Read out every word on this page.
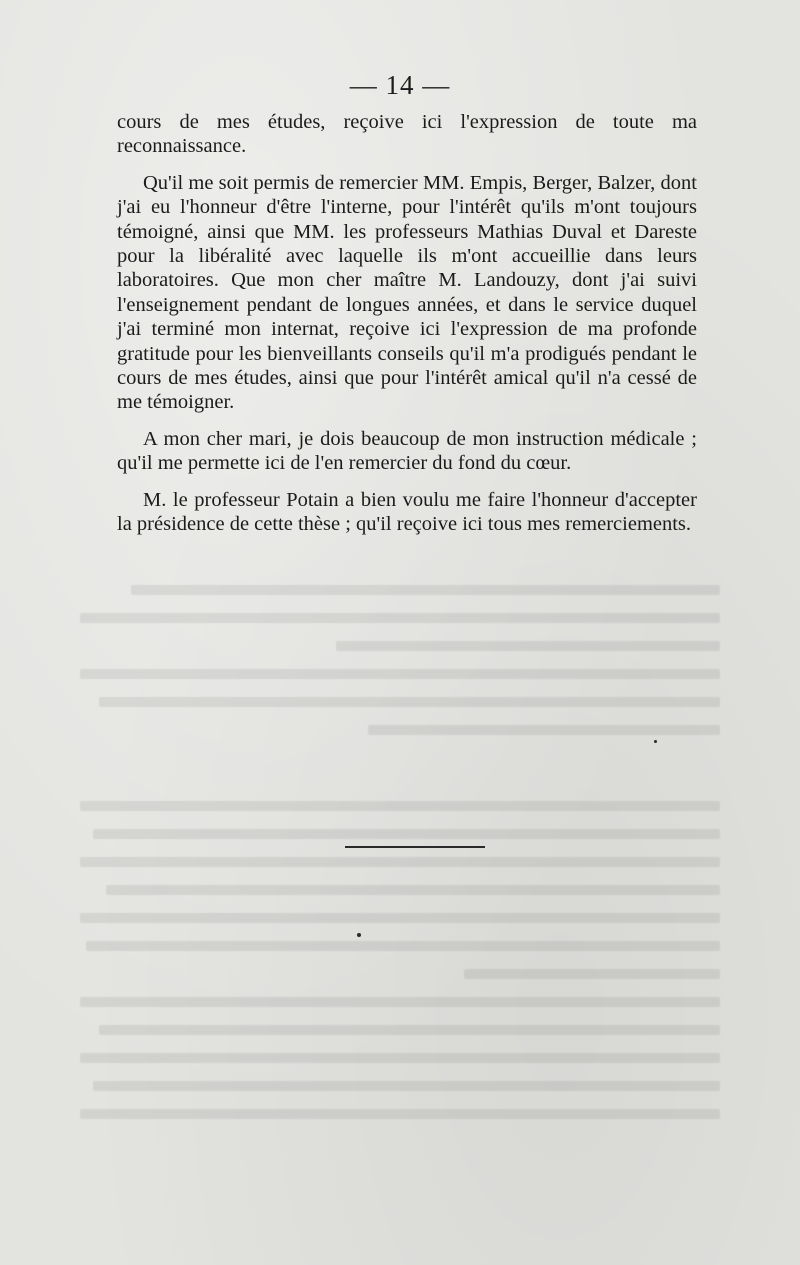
— 14 —

cours de mes études, reçoive ici l'expression de toute ma reconnaissance.

Qu'il me soit permis de remercier MM. Empis, Berger, Balzer, dont j'ai eu l'honneur d'être l'interne, pour l'intérêt qu'ils m'ont toujours témoigné, ainsi que MM. les professeurs Mathias Duval et Dareste pour la libéralité avec laquelle ils m'ont accueillie dans leurs laboratoires. Que mon cher maître M. Landouzy, dont j'ai suivi l'enseignement pendant de longues années, et dans le service duquel j'ai terminé mon internat, reçoive ici l'expression de ma profonde gratitude pour les bienveillants conseils qu'il m'a prodigués pendant le cours de mes études, ainsi que pour l'intérêt amical qu'il n'a cessé de me témoigner.

A mon cher mari, je dois beaucoup de mon instruction médicale ; qu'il me permette ici de l'en remercier du fond du cœur.

M. le professeur Potain a bien voulu me faire l'honneur d'accepter la présidence de cette thèse ; qu'il reçoive ici tous mes remerciements.
